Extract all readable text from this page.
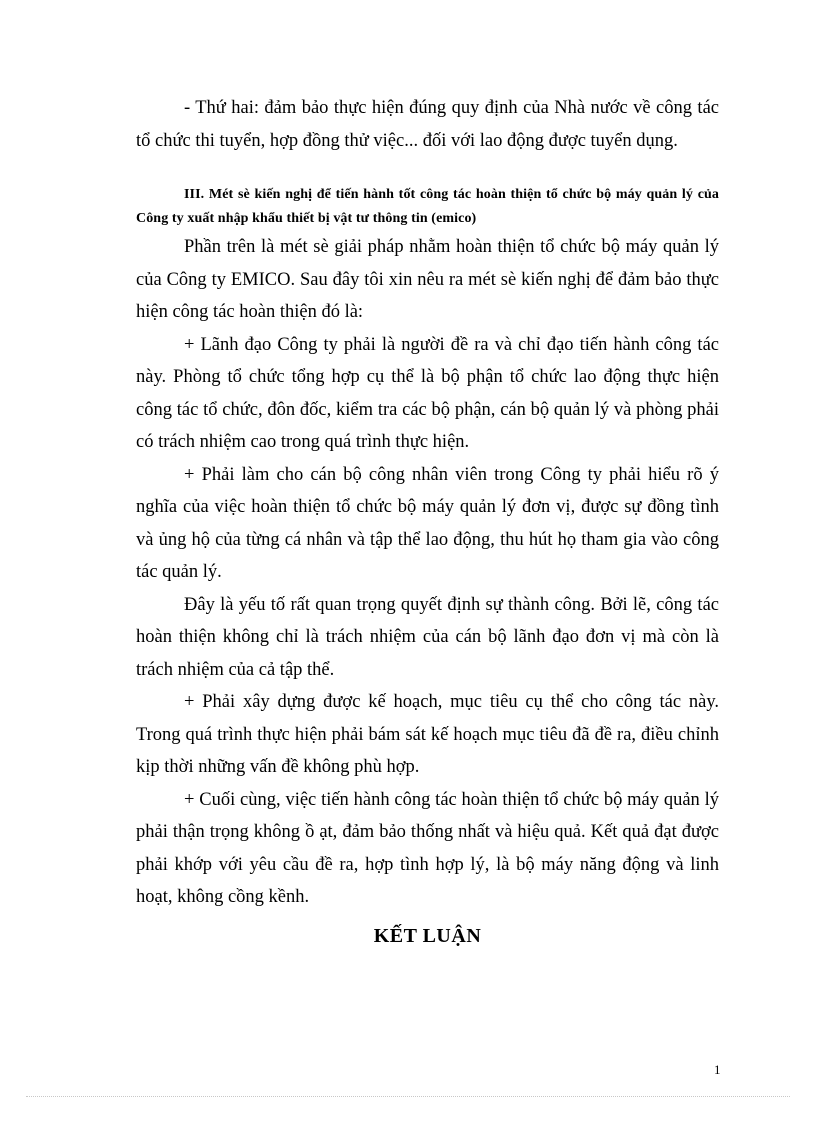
- Thứ hai: đảm bảo thực hiện đúng quy định của Nhà nước về công tác tổ chức thi tuyển, hợp đồng thử việc... đối với lao động được tuyển dụng.

III. Mét sè kiến nghị để tiến hành tốt công tác hoàn thiện tổ chức bộ máy quản lý của Công ty xuất nhập khẩu thiết bị vật tư thông tin (emico)

Phần trên là mét sè giải pháp nhằm hoàn thiện tổ chức bộ máy quản lý của Công ty EMICO. Sau đây tôi xin nêu ra mét sè kiến nghị để đảm bảo thực hiện công tác hoàn thiện đó là:

+ Lãnh đạo Công ty phải là người đề ra và chỉ đạo tiến hành công tác này. Phòng tổ chức tổng hợp cụ thể là bộ phận tổ chức lao động thực hiện công tác tổ chức, đôn đốc, kiểm tra các bộ phận, cán bộ quản lý và phòng phải có trách nhiệm cao trong quá trình thực hiện.

+ Phải làm cho cán bộ công nhân viên trong Công ty phải hiểu rõ ý nghĩa của việc hoàn thiện tổ chức bộ máy quản lý đơn vị, được sự đồng tình và ủng hộ của từng cá nhân và tập thể lao động, thu hút họ tham gia vào công tác quản lý.

Đây là yếu tố rất quan trọng quyết định sự thành công. Bởi lẽ, công tác hoàn thiện không chỉ là trách nhiệm của cán bộ lãnh đạo đơn vị mà còn là trách nhiệm của cả tập thể.

+ Phải xây dựng được kế hoạch, mục tiêu cụ thể cho công tác này. Trong quá trình thực hiện phải bám sát kế hoạch mục tiêu đã đề ra, điều chỉnh kịp thời những vấn đề không phù hợp.

+ Cuối cùng, việc tiến hành công tác hoàn thiện tổ chức bộ máy quản lý phải thận trọng không ồ ạt, đảm bảo thống nhất và hiệu quả. Kết quả đạt được phải khớp với yêu cầu đề ra, hợp tình hợp lý, là bộ máy năng động và linh hoạt, không cồng kềnh.

KẾT LUẬN
1
